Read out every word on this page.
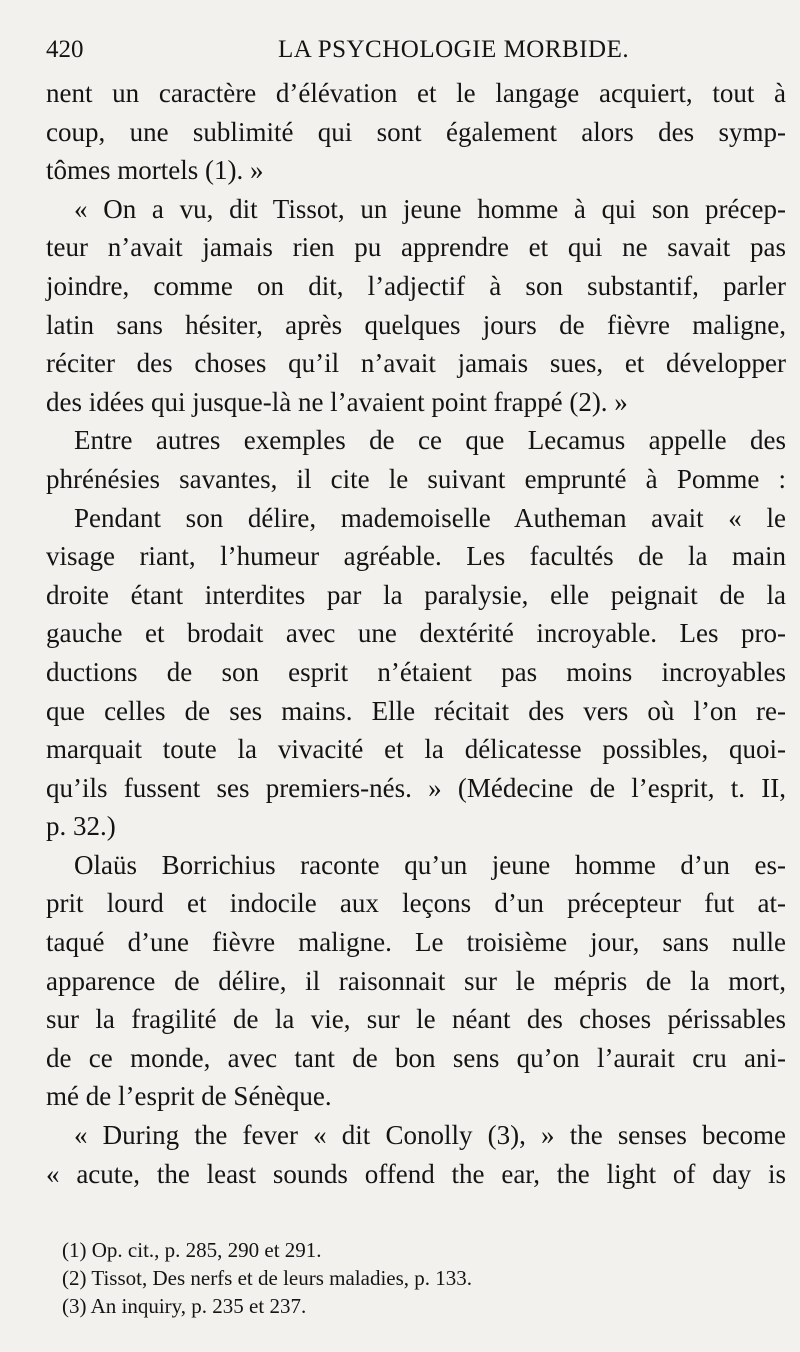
420	LA PSYCHOLOGIE MORBIDE.
nent un caractère d’élévation et le langage acquiert, tout à
coup, une sublimité qui sont également alors des symp-
tômes mortels (1). »
« On a vu, dit Tissot, un jeune homme à qui son précep-
teur n’avait jamais rien pu apprendre et qui ne savait pas
joindre, comme on dit, l’adjectif à son substantif, parler
latin sans hésiter, après quelques jours de fièvre maligne,
réciter des choses qu’il n’avait jamais sues, et développer
des idées qui jusque-là ne l’avaient point frappé (2). »
Entre autres exemples de ce que Lecamus appelle des
phrénésies savantes, il cite le suivant emprunté à Pomme :
Pendant son délire, mademoiselle Autheman avait « le
visage riant, l’humeur agréable. Les facultés de la main
droite étant interdites par la paralysie, elle peignait de la
gauche et brodait avec une dextérité incroyable. Les pro-
ductions de son esprit n’étaient pas moins incroyables
que celles de ses mains. Elle récitait des vers où l’on re-
marquait toute la vivacité et la délicatesse possibles, quoi-
qu’ils fussent ses premiers-nés. » (Médecine de l’esprit, t. II,
p. 32.)
Olaüs Borrichius raconte qu’un jeune homme d’un es-
prit lourd et indocile aux leçons d’un précepteur fut at-
taqué d’une fièvre maligne. Le troisième jour, sans nulle
apparence de délire, il raisonnait sur le mépris de la mort,
sur la fragilité de la vie, sur le néant des choses périssables
de ce monde, avec tant de bon sens qu’on l’aurait cru ani-
mé de l’esprit de Sénèque.
« During the fever « dit Conolly (3), » the senses become
« acute, the least sounds offend the ear, the light of day is
(1) Op. cit., p. 285, 290 et 291.
(2) Tissot, Des nerfs et de leurs maladies, p. 133.
(3) An inquiry, p. 235 et 237.
